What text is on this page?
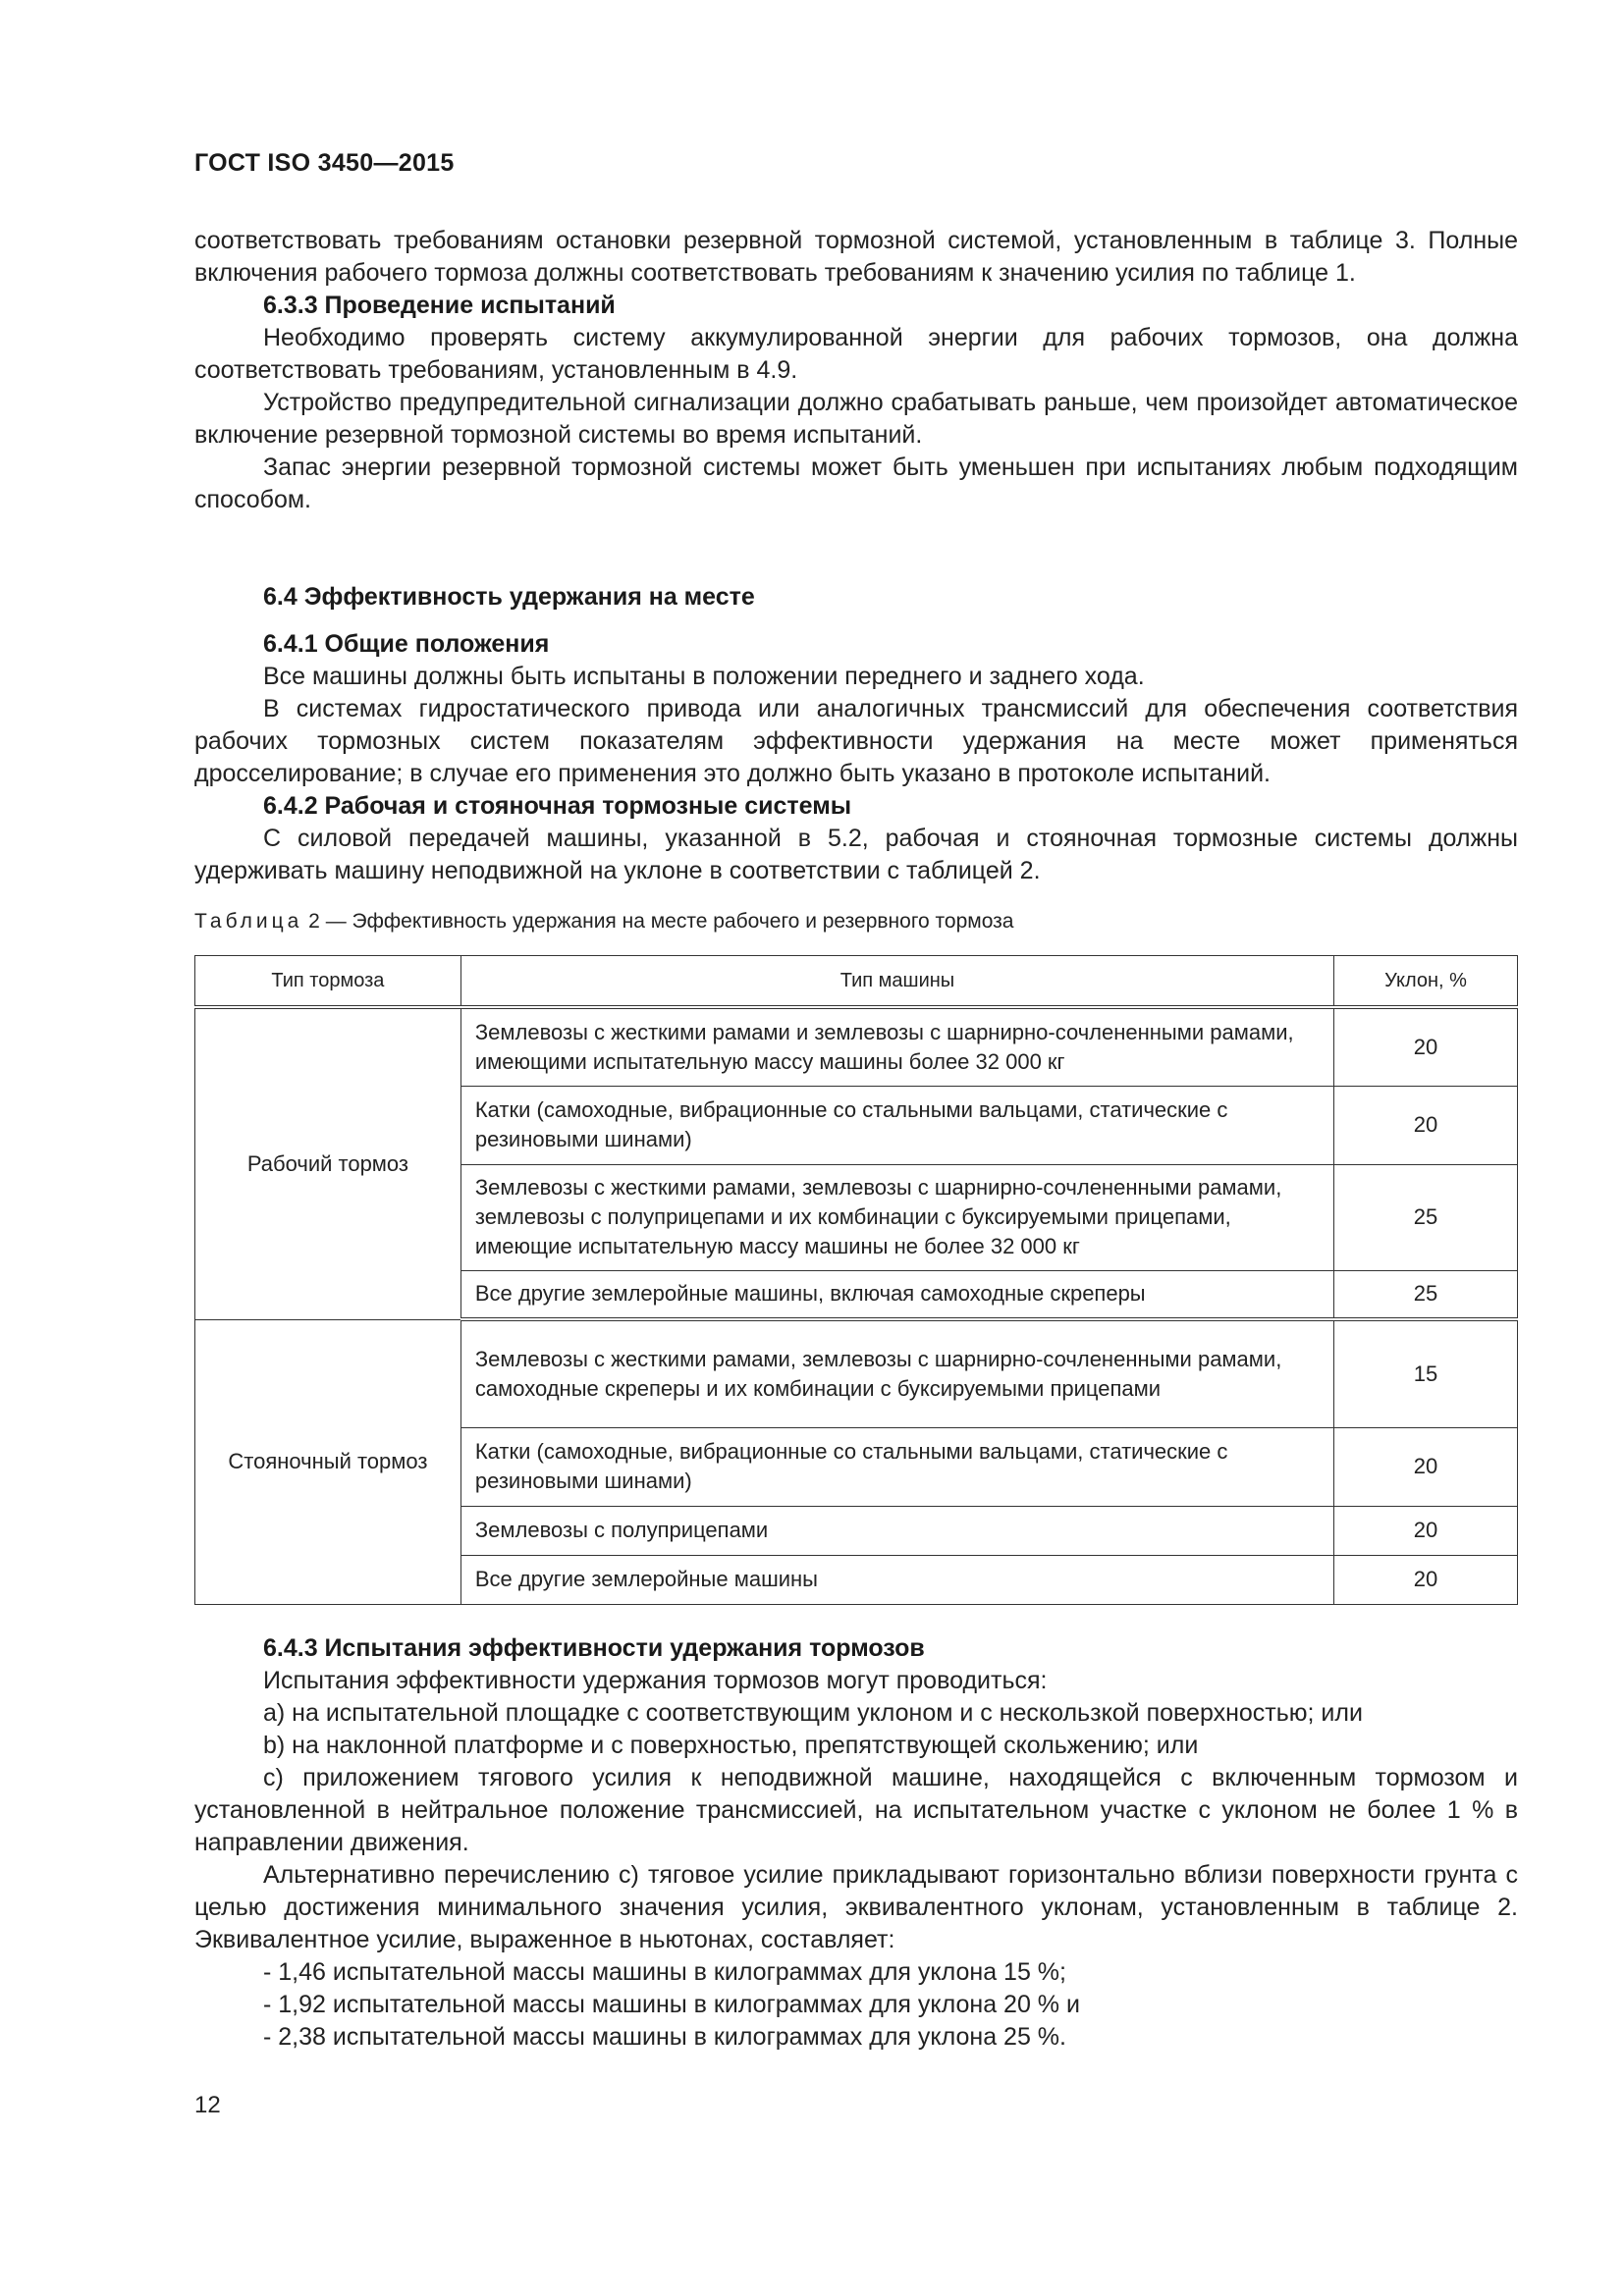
ГОСТ ISO 3450—2015

соответствовать требованиям остановки резервной тормозной системой, установленным в таблице 3. Полные включения рабочего тормоза должны соответствовать требованиям к значению усилия по таблице 1.

6.3.3 Проведение испытаний

Необходимо проверять систему аккумулированной энергии для рабочих тормозов, она должна соответствовать требованиям, установленным в 4.9.

Устройство предупредительной сигнализации должно срабатывать раньше, чем произойдет автоматическое включение резервной тормозной системы во время испытаний.

Запас энергии резервной тормозной системы может быть уменьшен при испытаниях любым подходящим способом.

6.4 Эффективность удержания на месте

6.4.1 Общие положения

Все машины должны быть испытаны в положении переднего и заднего хода.

В системах гидростатического привода или аналогичных трансмиссий для обеспечения соответствия рабочих тормозных систем показателям эффективности удержания на месте может применяться дросселирование; в случае его применения это должно быть указано в протоколе испытаний.

6.4.2 Рабочая и стояночная тормозные системы

С силовой передачей машины, указанной в 5.2, рабочая и стояночная тормозные системы должны удерживать машину неподвижной на уклоне в соответствии с таблицей 2.

Таблица 2 — Эффективность удержания на месте рабочего и резервного тормоза
Тип тормоза	Тип машины	Уклон, %
Рабочий тормоз	Землевозы с жесткими рамами и землевозы с шарнирно-сочлененными рамами, имеющими испытательную массу машины более 32 000 кг	20
	Катки (самоходные, вибрационные со стальными вальцами, статические с резиновыми шинами)	20
	Землевозы с жесткими рамами, землевозы с шарнирно-сочлененными рамами, землевозы с полуприцепами и их комбинации с буксируемыми прицепами, имеющие испытательную массу машины не более 32 000 кг	25
	Все другие землеройные машины, включая самоходные скреперы	25
Стояночный тормоз	Землевозы с жесткими рамами, землевозы с шарнирно-сочлененными рамами, самоходные скреперы и их комбинации с буксируемыми прицепами	15
	Катки (самоходные, вибрационные со стальными вальцами, статические с резиновыми шинами)	20
	Землевозы с полуприцепами	20
	Все другие землеройные машины	20

6.4.3 Испытания эффективности удержания тормозов

Испытания эффективности удержания тормозов могут проводиться:

a) на испытательной площадке с соответствующим уклоном и с нескользкой поверхностью; или

b) на наклонной платформе и с поверхностью, препятствующей скольжению; или

c) приложением тягового усилия к неподвижной машине, находящейся с включенным тормозом и установленной в нейтральное положение трансмиссией, на испытательном участке с уклоном не более 1 % в направлении движения.

Альтернативно перечислению c) тяговое усилие прикладывают горизонтально вблизи поверхности грунта с целью достижения минимального значения усилия, эквивалентного уклонам, установленным в таблице 2. Эквивалентное усилие, выраженное в ньютонах, составляет:

- 1,46 испытательной массы машины в килограммах для уклона 15 %;

- 1,92 испытательной массы машины в килограммах для уклона 20 % и

- 2,38 испытательной массы машины в килограммах для уклона 25 %.

12
